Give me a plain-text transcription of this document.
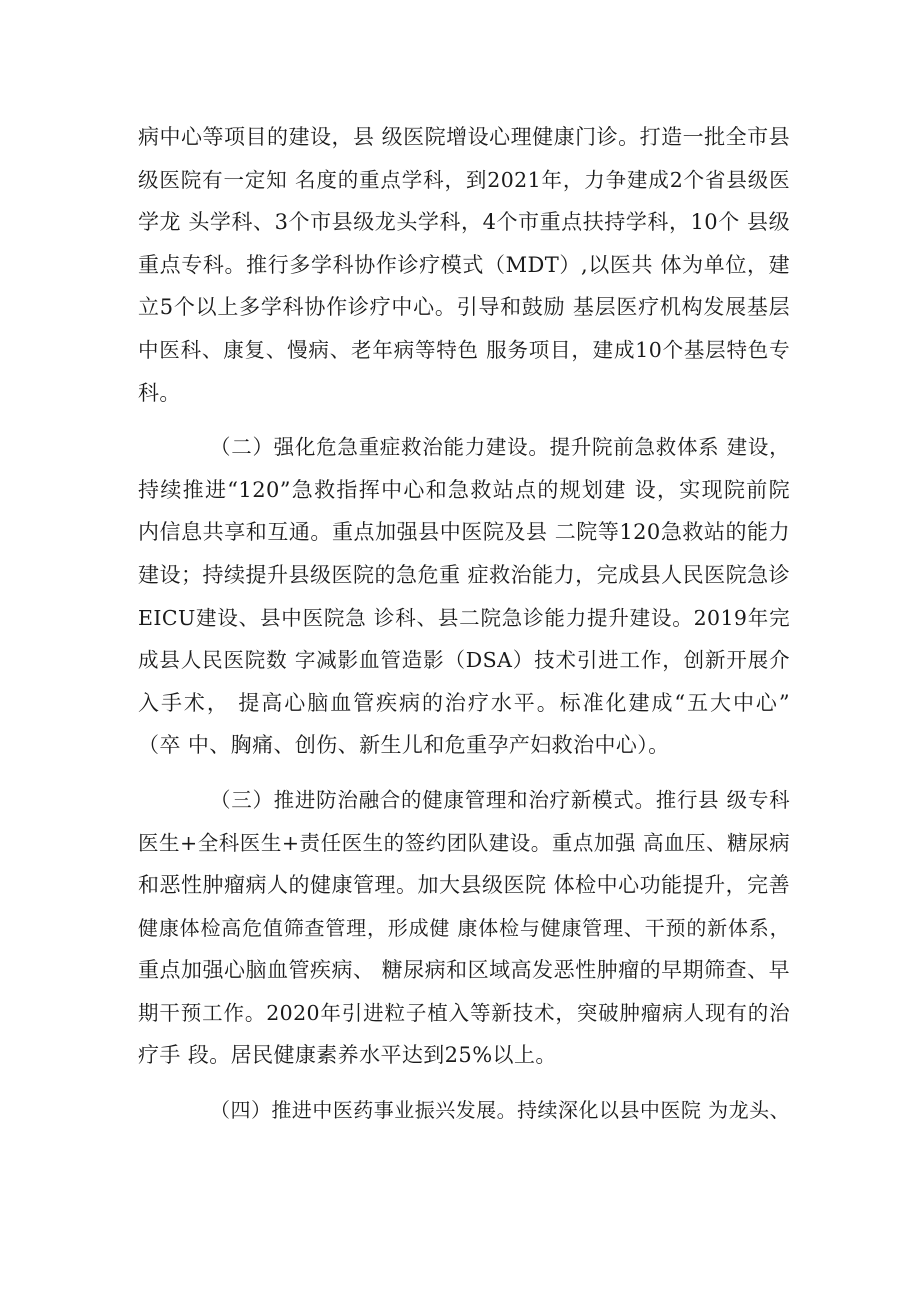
病中心等项目的建设，县 级医院增设心理健康门诊。打造一批全市县
级医院有一定知 名度的重点学科，到2021年，力争建成2个省县级医
学龙 头学科、3个市县级龙头学科，4个市重点扶持学科，10个 县级
重点专科。推行多学科协作诊疗模式（MDT）,以医共 体为单位，建
立5个以上多学科协作诊疗中心。引导和鼓励 基层医疗机构发展基层
中医科、康复、慢病、老年病等特色 服务项目，建成10个基层特色专
科。
（二）强化危急重症救治能力建设。提升院前急救体系 建设，
持续推进“120”急救指挥中心和急救站点的规划建 设，实现院前院
内信息共享和互通。重点加强县中医院及县 二院等120急救站的能力
建设；持续提升县级医院的急危重 症救治能力，完成县人民医院急诊
EICU建设、县中医院急 诊科、县二院急诊能力提升建设。2019年完
成县人民医院数 字减影血管造影（DSA）技术引进工作，创新开展介
入手术， 提高心脑血管疾病的治疗水平。标准化建成“五大中心”
（卒 中、胸痛、创伤、新生儿和危重孕产妇救治中心）。
（三）推进防治融合的健康管理和治疗新模式。推行县 级专科
医生+全科医生+责任医生的签约团队建设。重点加强 高血压、糖尿病
和恶性肿瘤病人的健康管理。加大县级医院 体检中心功能提升，完善
健康体检高危值筛查管理，形成健 康体检与健康管理、干预的新体系，
重点加强心脑血管疾病、 糖尿病和区域高发恶性肿瘤的早期筛查、早
期干预工作。2020年引进粒子植入等新技术，突破肿瘤病人现有的治
疗手 段。居民健康素养水平达到25%以上。
（四）推进中医药事业振兴发展。持续深化以县中医院 为龙头、
